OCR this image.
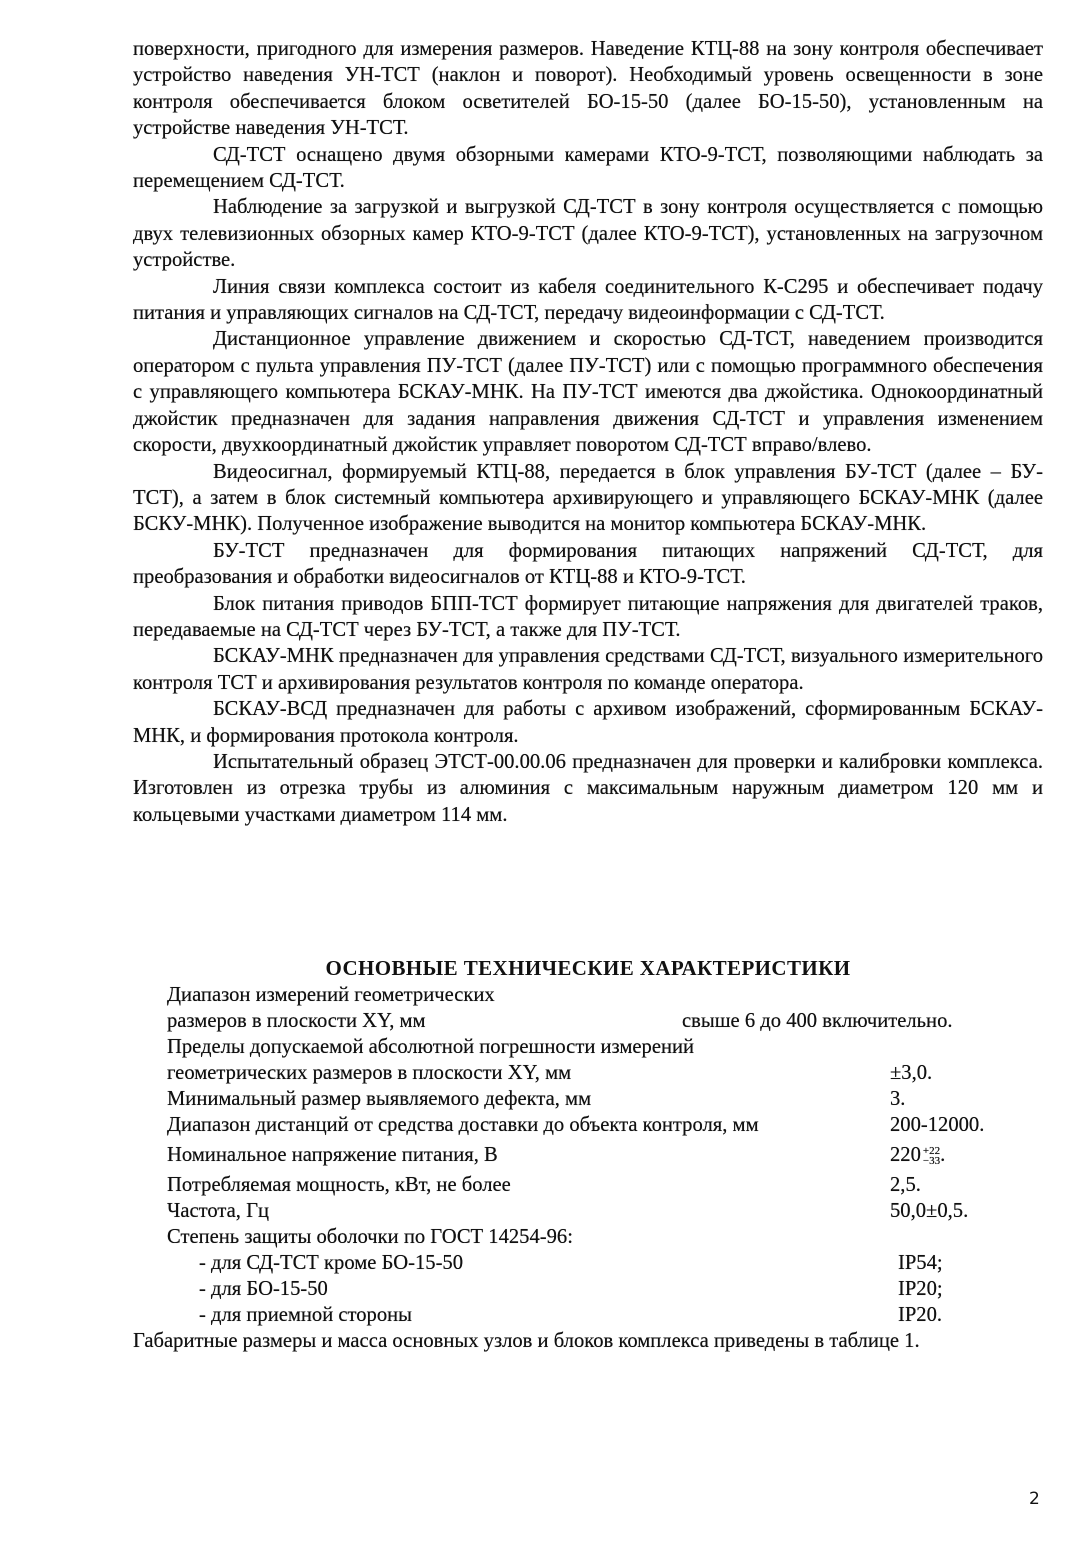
поверхности, пригодного для измерения размеров. Наведение КТЦ-88 на зону контроля обеспечивает устройство наведения УН-ТСТ (наклон и поворот). Необходимый уровень освещенности в зоне контроля обеспечивается блоком осветителей БО-15-50 (далее БО-15-50), установленным на устройстве наведения УН-ТСТ.

СД-ТСТ оснащено двумя обзорными камерами КТО-9-ТСТ, позволяющими наблюдать за перемещением СД-ТСТ.

Наблюдение за загрузкой и выгрузкой СД-ТСТ в зону контроля осуществляется с помощью двух телевизионных обзорных камер КТО-9-ТСТ (далее КТО-9-ТСТ), установленных на загрузочном устройстве.

Линия связи комплекса состоит из кабеля соединительного К-С295 и обеспечивает подачу питания и управляющих сигналов на СД-ТСТ, передачу видеоинформации с СД-ТСТ.

Дистанционное управление движением и скоростью СД-ТСТ, наведением производится оператором с пульта управления ПУ-ТСТ (далее ПУ-ТСТ) или с помощью программного обеспечения с управляющего компьютера БСКАУ-МНК. На ПУ-ТСТ имеются два джойстика. Однокоординатный джойстик предназначен для задания направления движения СД-ТСТ и управления изменением скорости, двухкоординатный джойстик управляет поворотом СД-ТСТ вправо/влево.

Видеосигнал, формируемый КТЦ-88, передается в блок управления БУ-ТСТ (далее – БУ-ТСТ), а затем в блок системный компьютера архивирующего и управляющего БСКАУ-МНК (далее БСКУ-МНК). Полученное изображение выводится на монитор компьютера БСКАУ-МНК.

БУ-ТСТ предназначен для формирования питающих напряжений СД-ТСТ, для преобразования и обработки видеосигналов от КТЦ-88 и КТО-9-ТСТ.

Блок питания приводов БПП-ТСТ формирует питающие напряжения для двигателей траков, передаваемые на СД-ТСТ через БУ-ТСТ, а также для ПУ-ТСТ.

БСКАУ-МНК предназначен для управления средствами СД-ТСТ, визуального измерительного контроля ТСТ и архивирования результатов контроля по команде оператора.

БСКАУ-ВСД предназначен для работы с архивом изображений, сформированным БСКАУ-МНК, и формирования протокола контроля.

Испытательный образец ЭТСТ-00.00.06 предназначен для проверки и калибровки комплекса. Изготовлен из отрезка трубы из алюминия с максимальным наружным диаметром 120 мм и кольцевыми участками диаметром 114 мм.

ОСНОВНЫЕ ТЕХНИЧЕСКИЕ ХАРАКТЕРИСТИКИ
Диапазон измерений геометрических
размеров в плоскости XY, мм	свыше 6 до 400 включительно.
Пределы допускаемой абсолютной погрешности измерений
геометрических размеров в плоскости XY, мм	±3,0.
Минимальный размер выявляемого дефекта, мм	3.
Диапазон дистанций от средства доставки до объекта контроля, мм	200-12000.
Номинальное напряжение питания, В	220 +22
−33 .
Потребляемая мощность, кВт, не более	2,5.
Частота, Гц	50,0±0,5.
Степень защиты оболочки по ГОСТ 14254-96:
- для СД-ТСТ кроме БО-15-50	IP54;
- для БО-15-50	IP20;
- для приемной стороны	IP20.
Габаритные размеры и масса основных узлов и блоков комплекса приведены в таблице 1.
2
